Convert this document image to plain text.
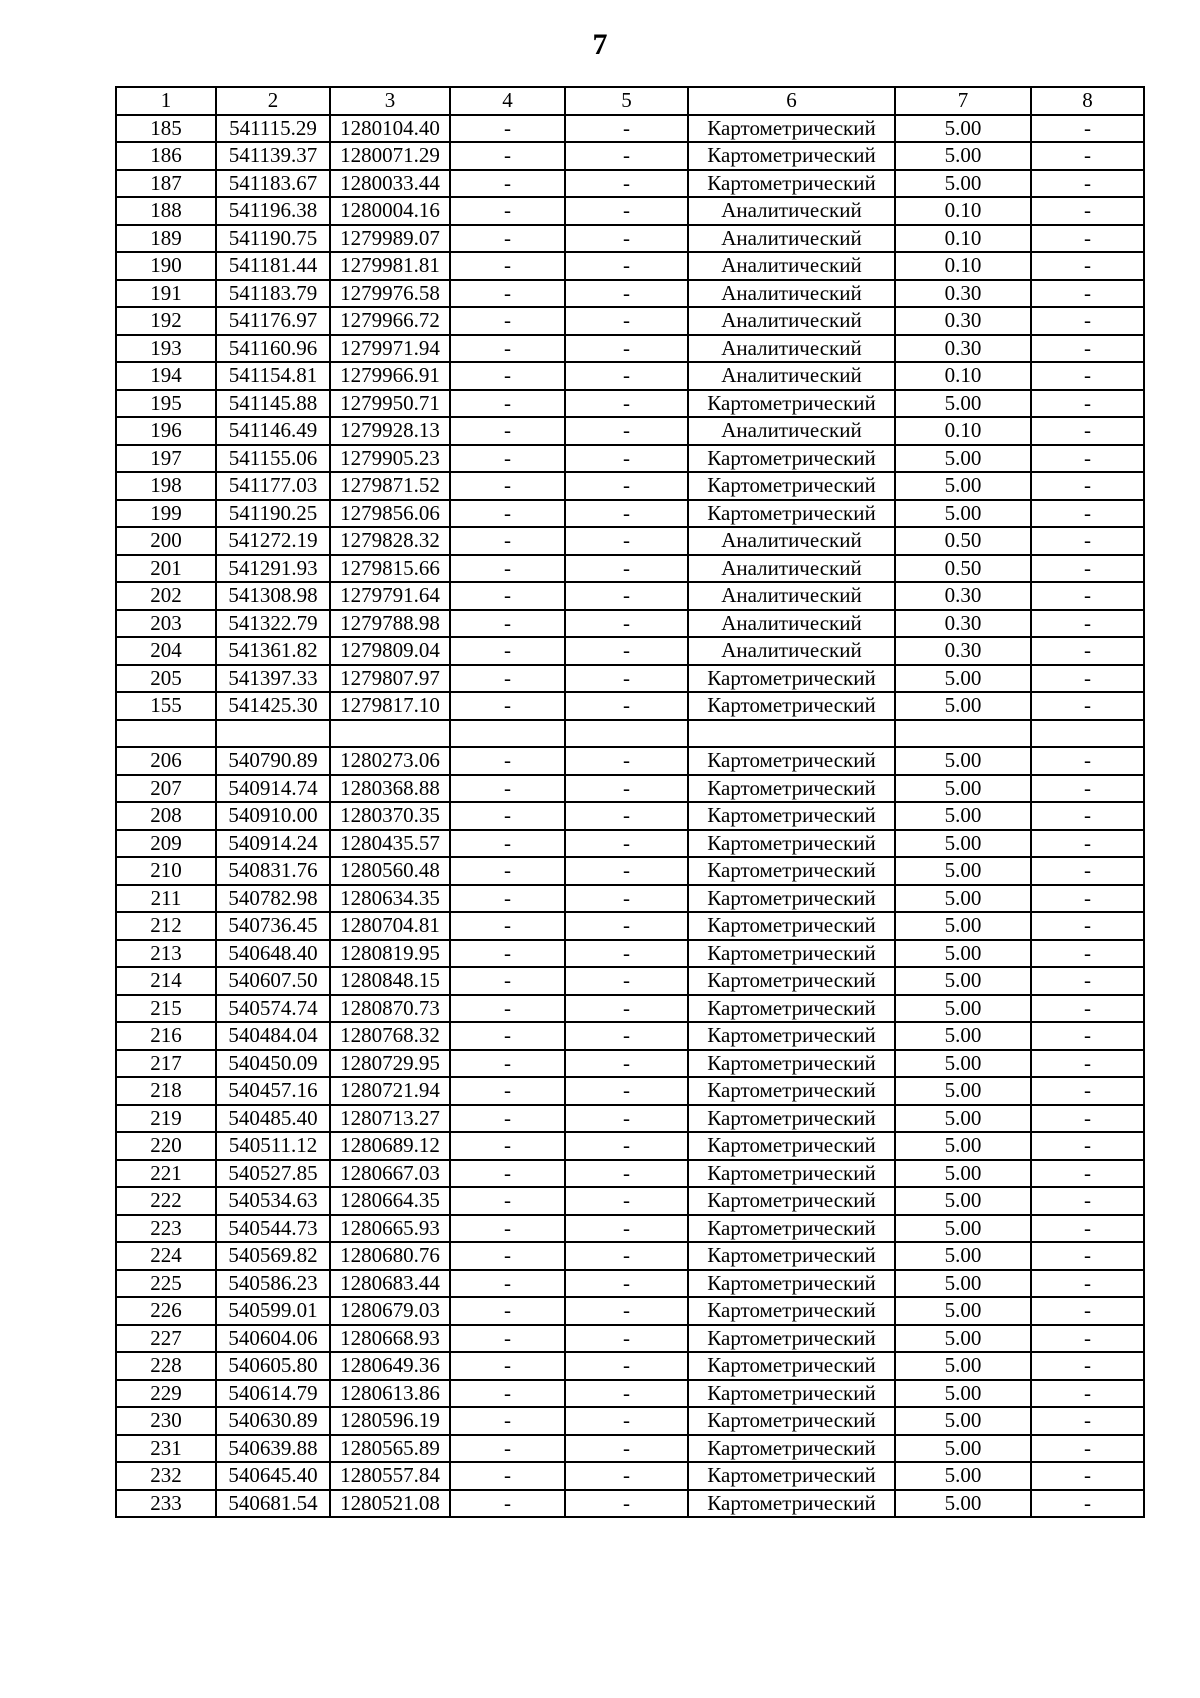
7
1	2	3	4	5	6	7	8
185	541115.29	1280104.40	-	-	Картометрический	5.00	-
186	541139.37	1280071.29	-	-	Картометрический	5.00	-
187	541183.67	1280033.44	-	-	Картометрический	5.00	-
188	541196.38	1280004.16	-	-	Аналитический	0.10	-
189	541190.75	1279989.07	-	-	Аналитический	0.10	-
190	541181.44	1279981.81	-	-	Аналитический	0.10	-
191	541183.79	1279976.58	-	-	Аналитический	0.30	-
192	541176.97	1279966.72	-	-	Аналитический	0.30	-
193	541160.96	1279971.94	-	-	Аналитический	0.30	-
194	541154.81	1279966.91	-	-	Аналитический	0.10	-
195	541145.88	1279950.71	-	-	Картометрический	5.00	-
196	541146.49	1279928.13	-	-	Аналитический	0.10	-
197	541155.06	1279905.23	-	-	Картометрический	5.00	-
198	541177.03	1279871.52	-	-	Картометрический	5.00	-
199	541190.25	1279856.06	-	-	Картометрический	5.00	-
200	541272.19	1279828.32	-	-	Аналитический	0.50	-
201	541291.93	1279815.66	-	-	Аналитический	0.50	-
202	541308.98	1279791.64	-	-	Аналитический	0.30	-
203	541322.79	1279788.98	-	-	Аналитический	0.30	-
204	541361.82	1279809.04	-	-	Аналитический	0.30	-
205	541397.33	1279807.97	-	-	Картометрический	5.00	-
155	541425.30	1279817.10	-	-	Картометрический	5.00	-

206	540790.89	1280273.06	-	-	Картометрический	5.00	-
207	540914.74	1280368.88	-	-	Картометрический	5.00	-
208	540910.00	1280370.35	-	-	Картометрический	5.00	-
209	540914.24	1280435.57	-	-	Картометрический	5.00	-
210	540831.76	1280560.48	-	-	Картометрический	5.00	-
211	540782.98	1280634.35	-	-	Картометрический	5.00	-
212	540736.45	1280704.81	-	-	Картометрический	5.00	-
213	540648.40	1280819.95	-	-	Картометрический	5.00	-
214	540607.50	1280848.15	-	-	Картометрический	5.00	-
215	540574.74	1280870.73	-	-	Картометрический	5.00	-
216	540484.04	1280768.32	-	-	Картометрический	5.00	-
217	540450.09	1280729.95	-	-	Картометрический	5.00	-
218	540457.16	1280721.94	-	-	Картометрический	5.00	-
219	540485.40	1280713.27	-	-	Картометрический	5.00	-
220	540511.12	1280689.12	-	-	Картометрический	5.00	-
221	540527.85	1280667.03	-	-	Картометрический	5.00	-
222	540534.63	1280664.35	-	-	Картометрический	5.00	-
223	540544.73	1280665.93	-	-	Картометрический	5.00	-
224	540569.82	1280680.76	-	-	Картометрический	5.00	-
225	540586.23	1280683.44	-	-	Картометрический	5.00	-
226	540599.01	1280679.03	-	-	Картометрический	5.00	-
227	540604.06	1280668.93	-	-	Картометрический	5.00	-
228	540605.80	1280649.36	-	-	Картометрический	5.00	-
229	540614.79	1280613.86	-	-	Картометрический	5.00	-
230	540630.89	1280596.19	-	-	Картометрический	5.00	-
231	540639.88	1280565.89	-	-	Картометрический	5.00	-
232	540645.40	1280557.84	-	-	Картометрический	5.00	-
233	540681.54	1280521.08	-	-	Картометрический	5.00	-
